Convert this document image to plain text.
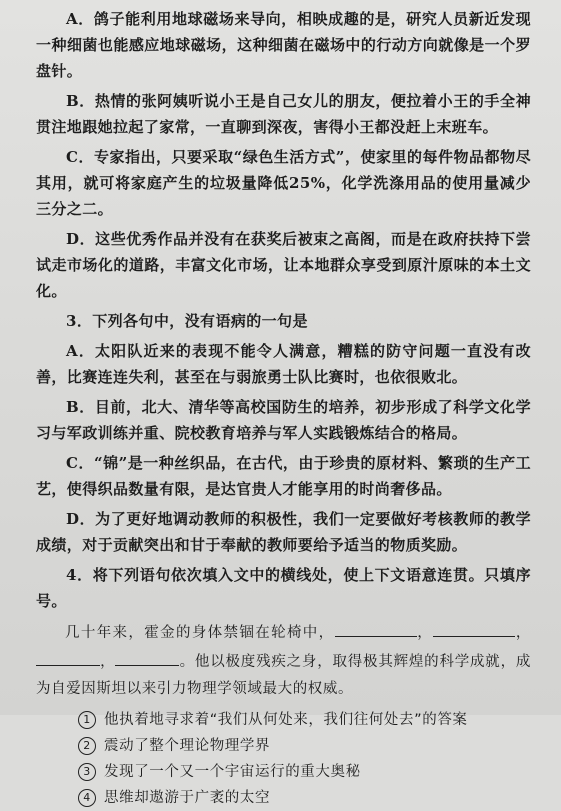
A．鸽子能利用地球磁场来导向，相映成趣的是，研究人员新近发现一种细菌也能感应地球磁场，这种细菌在磁场中的行动方向就像是一个罗盘针。

B．热情的张阿姨听说小王是自己女儿的朋友，便拉着小王的手全神贯注地跟她拉起了家常，一直聊到深夜，害得小王都没赶上末班车。

C．专家指出，只要采取“绿色生活方式”，使家里的每件物品都物尽其用，就可将家庭产生的垃圾量降低25%，化学洗涤用品的使用量减少三分之二。

D．这些优秀作品并没有在获奖后被束之高阁，而是在政府扶持下尝试走市场化的道路，丰富文化市场，让本地群众享受到原汁原味的本土文化。

3．下列各句中，没有语病的一句是

A．太阳队近来的表现不能令人满意，糟糕的防守问题一直没有改善，比赛连连失利，甚至在与弱旅勇士队比赛时，也依很败北。

B．目前，北大、清华等高校国防生的培养，初步形成了科学文化学习与军政训练并重、院校教育培养与军人实践锻炼结合的格局。

C．“锦”是一种丝织品，在古代，由于珍贵的原材料、繁琐的生产工艺，使得织品数量有限，是达官贵人才能享用的时尚奢侈品。

D．为了更好地调动教师的积极性，我们一定要做好考核教师的教学成绩，对于贡献突出和甘于奉献的教师要给予适当的物质奖励。

4．将下列语句依次填入文中的横线处，使上下文语意连贯。只填序号。

几十年来，霍金的身体禁锢在轮椅中，	，	，，	。他以极度残疾之身，取得极其辉煌的科学成就，成为自爱因斯坦以来引力物理学领域最大的权威。

1 他执着地寻求着“我们从何处来，我们往何处去”的答案
2 震动了整个理论物理学界
3 发现了一个又一个宇宙运行的重大奥秘
4 思维却遨游于广袤的太空
